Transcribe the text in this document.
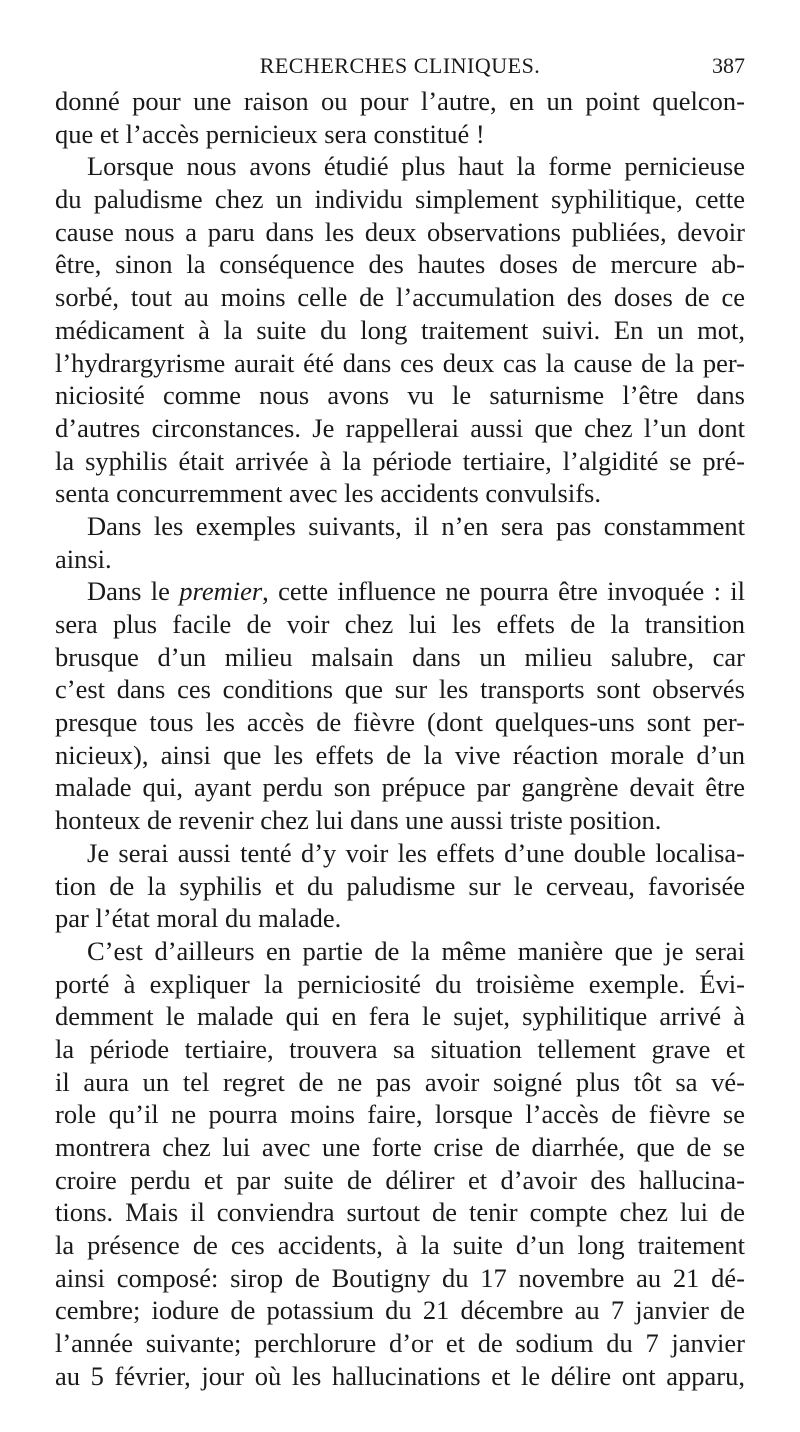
RECHERCHES CLINIQUES.	387
donné pour une raison ou pour l’autre, en un point quelcon-
que et l’accès pernicieux sera constitué !
Lorsque nous avons étudié plus haut la forme pernicieuse
du paludisme chez un individu simplement syphilitique, cette
cause nous a paru dans les deux observations publiées, devoir
être, sinon la conséquence des hautes doses de mercure ab-
sorbé, tout au moins celle de l’accumulation des doses de ce
médicament à la suite du long traitement suivi. En un mot,
l’hydrargyrisme aurait été dans ces deux cas la cause de la per-
niciosité comme nous avons vu le saturnisme l’être dans
d’autres circonstances. Je rappellerai aussi que chez l’un dont
la syphilis était arrivée à la période tertiaire, l’algidité se pré-
senta concurremment avec les accidents convulsifs.
Dans les exemples suivants, il n’en sera pas constamment
ainsi.
Dans le premier, cette influence ne pourra être invoquée : il
sera plus facile de voir chez lui les effets de la transition
brusque d’un milieu malsain dans un milieu salubre, car
c’est dans ces conditions que sur les transports sont observés
presque tous les accès de fièvre (dont quelques-uns sont per-
nicieux), ainsi que les effets de la vive réaction morale d’un
malade qui, ayant perdu son prépuce par gangrène devait être
honteux de revenir chez lui dans une aussi triste position.
Je serai aussi tenté d’y voir les effets d’une double localisa-
tion de la syphilis et du paludisme sur le cerveau, favorisée
par l’état moral du malade.
C’est d’ailleurs en partie de la même manière que je serai
porté à expliquer la perniciosité du troisième exemple. Évi-
demment le malade qui en fera le sujet, syphilitique arrivé à
la période tertiaire, trouvera sa situation tellement grave et
il aura un tel regret de ne pas avoir soigné plus tôt sa vé-
role qu’il ne pourra moins faire, lorsque l’accès de fièvre se
montrera chez lui avec une forte crise de diarrhée, que de se
croire perdu et par suite de délirer et d’avoir des hallucina-
tions. Mais il conviendra surtout de tenir compte chez lui de
la présence de ces accidents, à la suite d’un long traitement
ainsi composé: sirop de Boutigny du 17 novembre au 21 dé-
cembre; iodure de potassium du 21 décembre au 7 janvier de
l’année suivante; perchlorure d’or et de sodium du 7 janvier
au 5 février, jour où les hallucinations et le délire ont apparu,
